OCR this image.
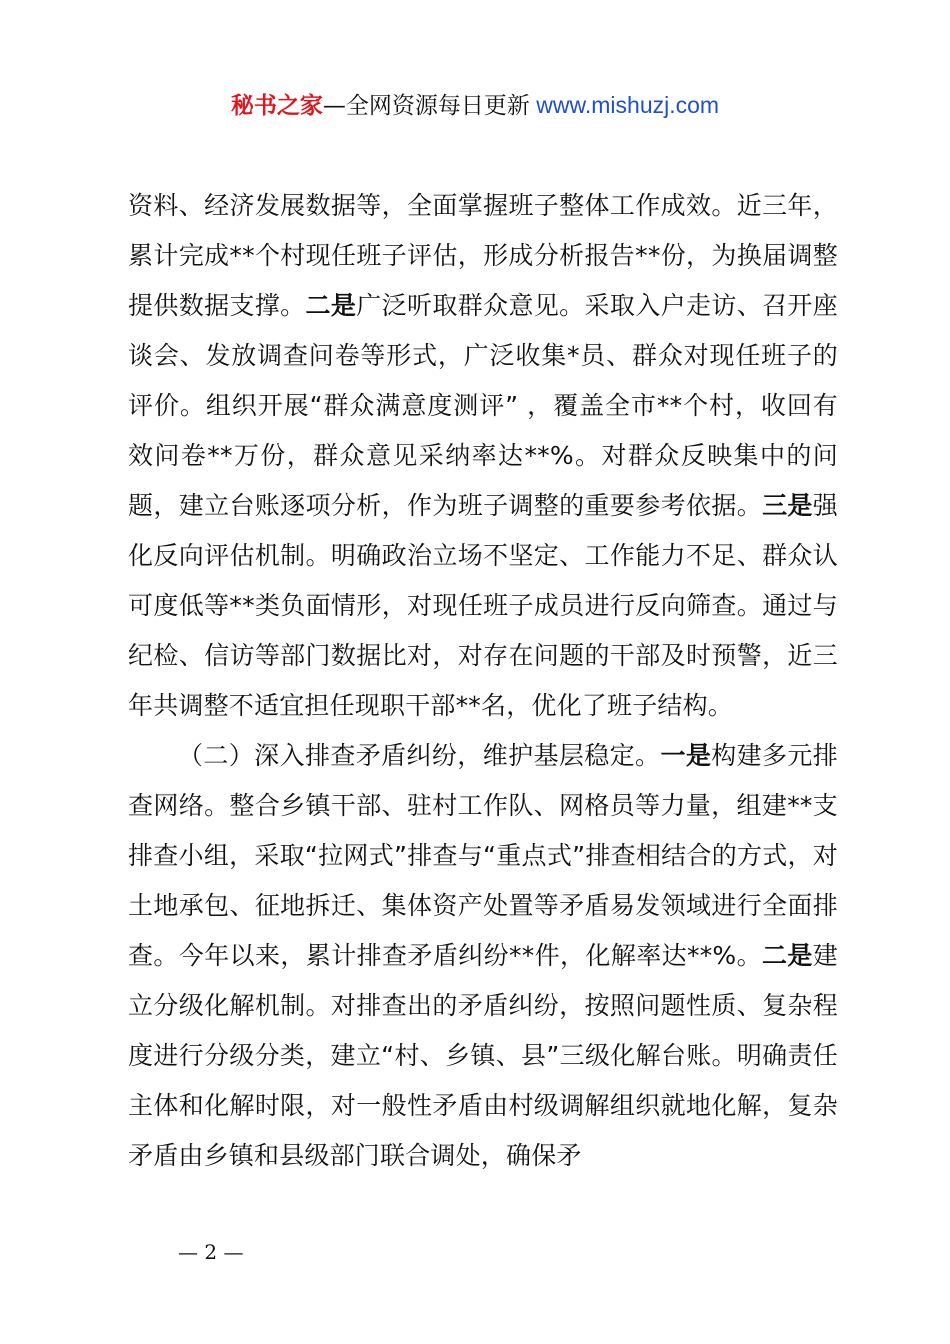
秘书之家—全网资源每日更新 www.mishuzj.com

资料、经济发展数据等，全面掌握班子整体工作成效。近三年，累计完成**个村现任班子评估，形成分析报告**份，为换届调整提供数据支撑。二是广泛听取群众意见。采取入户走访、召开座谈会、发放调查问卷等形式，广泛收集*员、群众对现任班子的评价。组织开展“群众满意度测评” ，覆盖全市**个村，收回有效问卷**万份，群众意见采纳率达**%。对群众反映集中的问题，建立台账逐项分析，作为班子调整的重要参考依据。三是强化反向评估机制。明确政治立场不坚定、工作能力不足、群众认可度低等**类负面情形，对现任班子成员进行反向筛查。通过与纪检、信访等部门数据比对，对存在问题的干部及时预警，近三年共调整不适宜担任现职干部**名，优化了班子结构。

（二）深入排查矛盾纠纷，维护基层稳定。一是构建多元排查网络。整合乡镇干部、驻村工作队、网格员等力量，组建**支排查小组，采取“拉网式”排查与“重点式”排查相结合的方式，对土地承包、征地拆迁、集体资产处置等矛盾易发领域进行全面排查。今年以来，累计排查矛盾纠纷**件，化解率达**%。二是建立分级化解机制。对排查出的矛盾纠纷，按照问题性质、复杂程度进行分级分类，建立“村、乡镇、县”三级化解台账。明确责任主体和化解时限，对一般性矛盾由村级调解组织就地化解，复杂矛盾由乡镇和县级部门联合调处，确保矛

— 2 —
